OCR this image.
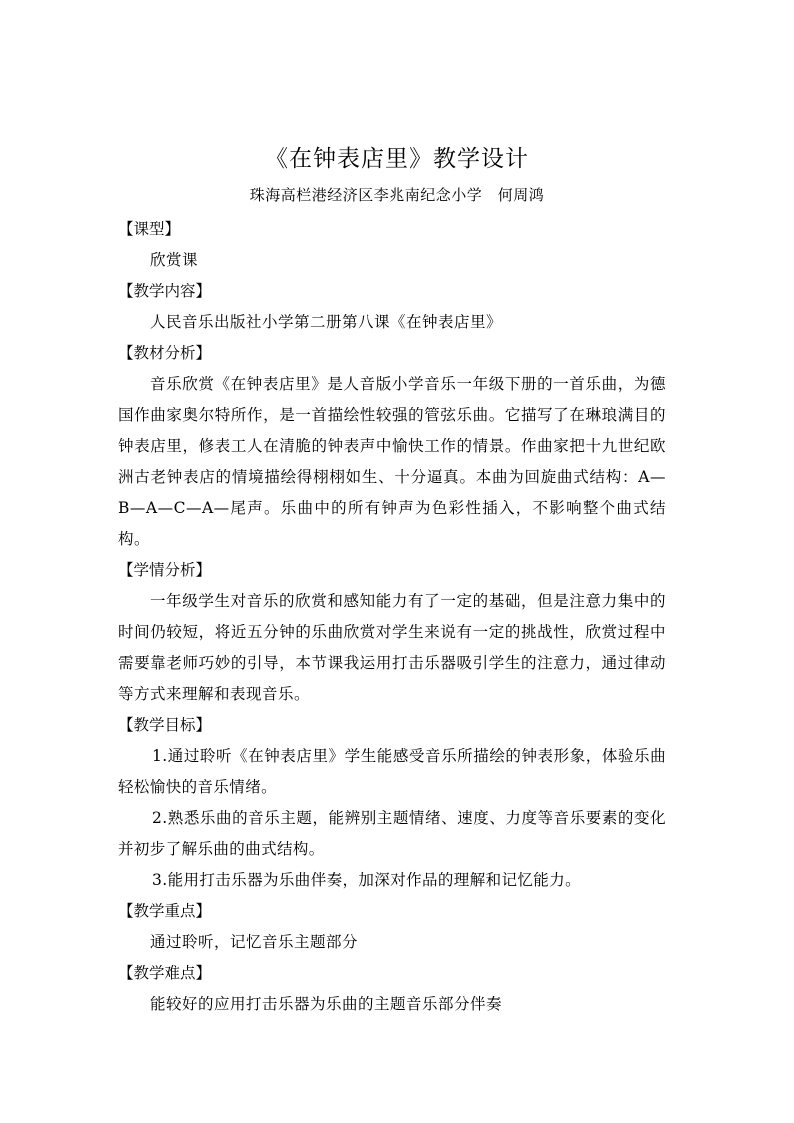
《在钟表店里》教学设计
珠海高栏港经济区李兆南纪念小学　何周鸿

【课型】

欣赏课

【教学内容】

人民音乐出版社小学第二册第八课《在钟表店里》

【教材分析】

音乐欣赏《在钟表店里》是人音版小学音乐一年级下册的一首乐曲，为德国作曲家奥尔特所作，是一首描绘性较强的管弦乐曲。它描写了在琳琅满目的钟表店里，修表工人在清脆的钟表声中愉快工作的情景。作曲家把十九世纪欧洲古老钟表店的情境描绘得栩栩如生、十分逼真。本曲为回旋曲式结构：A—B—A—C—A—尾声。乐曲中的所有钟声为色彩性插入，不影响整个曲式结构。

【学情分析】

一年级学生对音乐的欣赏和感知能力有了一定的基础，但是注意力集中的时间仍较短，将近五分钟的乐曲欣赏对学生来说有一定的挑战性，欣赏过程中需要靠老师巧妙的引导，本节课我运用打击乐器吸引学生的注意力，通过律动等方式来理解和表现音乐。

【教学目标】

1.通过聆听《在钟表店里》学生能感受音乐所描绘的钟表形象，体验乐曲轻松愉快的音乐情绪。

2.熟悉乐曲的音乐主题，能辨别主题情绪、速度、力度等音乐要素的变化并初步了解乐曲的曲式结构。

3.能用打击乐器为乐曲伴奏，加深对作品的理解和记忆能力。

【教学重点】

通过聆听，记忆音乐主题部分

【教学难点】

能较好的应用打击乐器为乐曲的主题音乐部分伴奏
